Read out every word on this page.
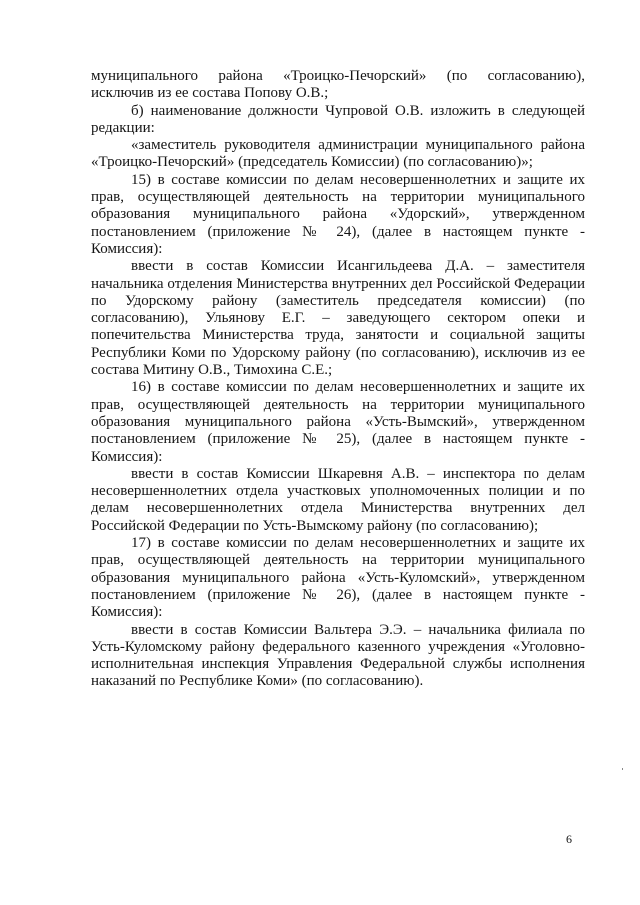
муниципального района «Троицко-Печорский» (по согласованию), исключив из ее состава Попову О.В.;

б) наименование должности Чупровой О.В. изложить в следующей редакции:

«заместитель руководителя администрации муниципального района «Троицко-Печорский» (председатель Комиссии) (по согласованию)»;

15) в составе комиссии по делам несовершеннолетних и защите их прав, осуществляющей деятельность на территории муниципального образования муниципального района «Удорский», утвержденном постановлением (приложение № 24), (далее в настоящем пункте - Комиссия):

ввести в состав Комиссии Исангильдеева Д.А. – заместителя начальника отделения Министерства внутренних дел Российской Федерации по Удорскому району (заместитель председателя комиссии) (по согласованию), Ульянову Е.Г. – заведующего сектором опеки и попечительства Министерства труда, занятости и социальной защиты Республики Коми по Удорскому району (по согласованию), исключив из ее состава Митину О.В., Тимохина С.Е.;

16) в составе комиссии по делам несовершеннолетних и защите их прав, осуществляющей деятельность на территории муниципального образования муниципального района «Усть-Вымский», утвержденном постановлением (приложение № 25), (далее в настоящем пункте - Комиссия):

ввести в состав Комиссии Шкаревня А.В. – инспектора по делам несовершеннолетних отдела участковых уполномоченных полиции и по делам несовершеннолетних отдела Министерства внутренних дел Российской Федерации по Усть-Вымскому району (по согласованию);

17) в составе комиссии по делам несовершеннолетних и защите их прав, осуществляющей деятельность на территории муниципального образования муниципального района «Усть-Куломский», утвержденном постановлением (приложение № 26), (далее в настоящем пункте - Комиссия):

ввести в состав Комиссии Вальтера Э.Э. – начальника филиала по Усть-Куломскому району федерального казенного учреждения «Уголовно-исполнительная инспекция Управления Федеральной службы исполнения наказаний по Республике Коми» (по согласованию).

6
